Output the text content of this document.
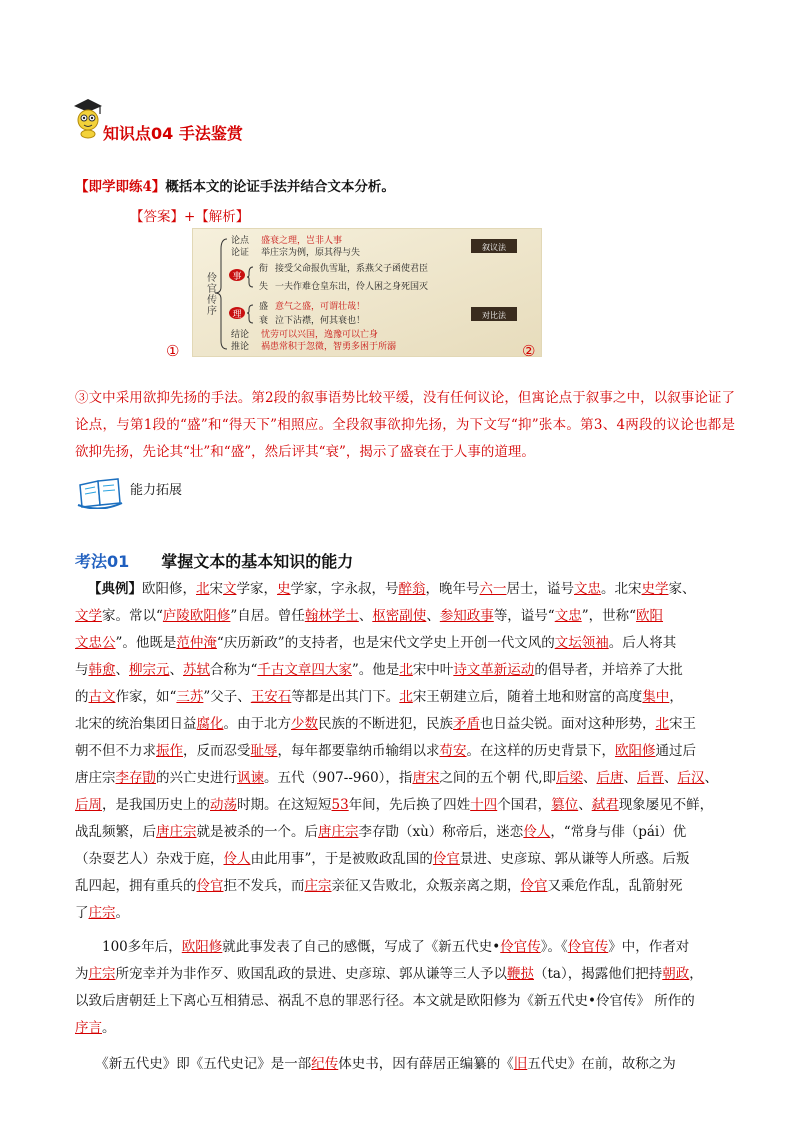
知识点04 手法鉴赏
【即学即练4】概括本文的论证手法并结合文本分析。
【答案】+【解析】
伶
官
传
序
事
理
论点 盛衰之理，岂非人事
论证 举庄宗为例，原其得与失
衔 接受父命报仇雪耻，系燕父子函使君臣
失 一夫作难仓皇东出，伶人困之身死国灭
盛 意气之盛，可谓壮哉！
衰 泣下沾襟，何其衰也！
结论 忧劳可以兴国，逸豫可以亡身
推论 祸患常积于忽微，智勇多困于所溺
叙议法
对比法
①	②
③文中采用欲抑先扬的手法。第2段的叙事语势比较平缓，没有任何议论，但寓论点于叙事之中，以叙事论证了论点，与第1段的“盛”和“得天下”相照应。全段叙事欲抑先扬，为下文写“抑”张本。第3、4两段的议论也都是欲抑先扬，先论其“壮”和“盛”，然后评其“衰”，揭示了盛衰在于人事的道理。
能力拓展
考法01　　 掌握文本的基本知识的能力
【典例】欧阳修，北宋文学家，史学家，字永叔，号醉翁，晚年号六一居士，谥号文忠。北宋史学家、
文学家。常以“庐陵欧阳修”自居。曾任翰林学士、枢密副使、参知政事等，谥号“文忠”，世称“欧阳
文忠公”。他既是范仲淹“庆历新政”的支持者，也是宋代文学史上开创一代文风的文坛领袖。后人将其
与韩愈、柳宗元、苏轼合称为“千古文章四大家”。他是北宋中叶诗文革新运动的倡导者，并培养了大批
的古文作家，如“三苏”父子、王安石等都是出其门下。北宋王朝建立后，随着土地和财富的高度集中，
北宋的统治集团日益腐化。由于北方少数民族的不断进犯，民族矛盾也日益尖锐。面对这种形势，北宋王
朝不但不力求振作，反而忍受耻辱，每年都要靠纳币输绢以求苟安。在这样的历史背景下，欧阳修通过后
唐庄宗李存勖的兴亡史进行讽谏。五代（907--960），指唐宋之间的五个朝 代,即后梁、后唐、后晋、后汉、
后周，是我国历史上的动荡时期。在这短短53年间，先后换了四姓十四个国君，篡位、弑君现象屡见不鲜，
战乱频繁，后唐庄宗就是被杀的一个。后唐庄宗李存勖（xù）称帝后，迷恋伶人，“常身与俳（pái）优
（杂耍艺人）杂戏于庭，伶人由此用事”，于是被败政乱国的伶官景进、史彦琼、郭从谦等人所惑。后叛
乱四起，拥有重兵的伶官拒不发兵，而庄宗亲征又告败北，众叛亲离之期，伶官又乘危作乱，乱箭射死
了庄宗。
　　100多年后，欧阳修就此事发表了自己的感慨，写成了《新五代史•伶官传》。《伶官传》中，作者对
为庄宗所宠幸并为非作歹、败国乱政的景进、史彦琼、郭从谦等三人予以鞭挞（ta），揭露他们把持朝政，
以致后唐朝廷上下离心互相猜忌、祸乱不息的罪恶行径。本文就是欧阳修为《新五代史•伶官传》 所作的
序言。
　　《新五代史》即《五代史记》是一部纪传体史书，因有薛居正编纂的《旧五代史》在前，故称之为
